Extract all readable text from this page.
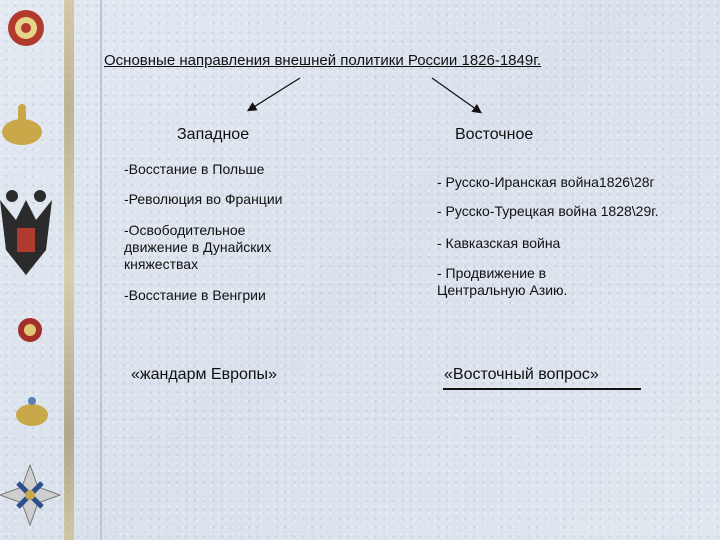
Основные направления внешней политики России 1826-1849г.
Западное
-Восстание в Польше
-Революция во Франции
-Освободительное движение в Дунайских княжествах
-Восстание в Венгрии
«жандарм Европы»
Восточное
- Русско-Иранская война1826\28г
- Русско-Турецкая война 1828\29г.
- Кавказская война
- Продвижение в Центральную Азию.
«Восточный вопрос»
